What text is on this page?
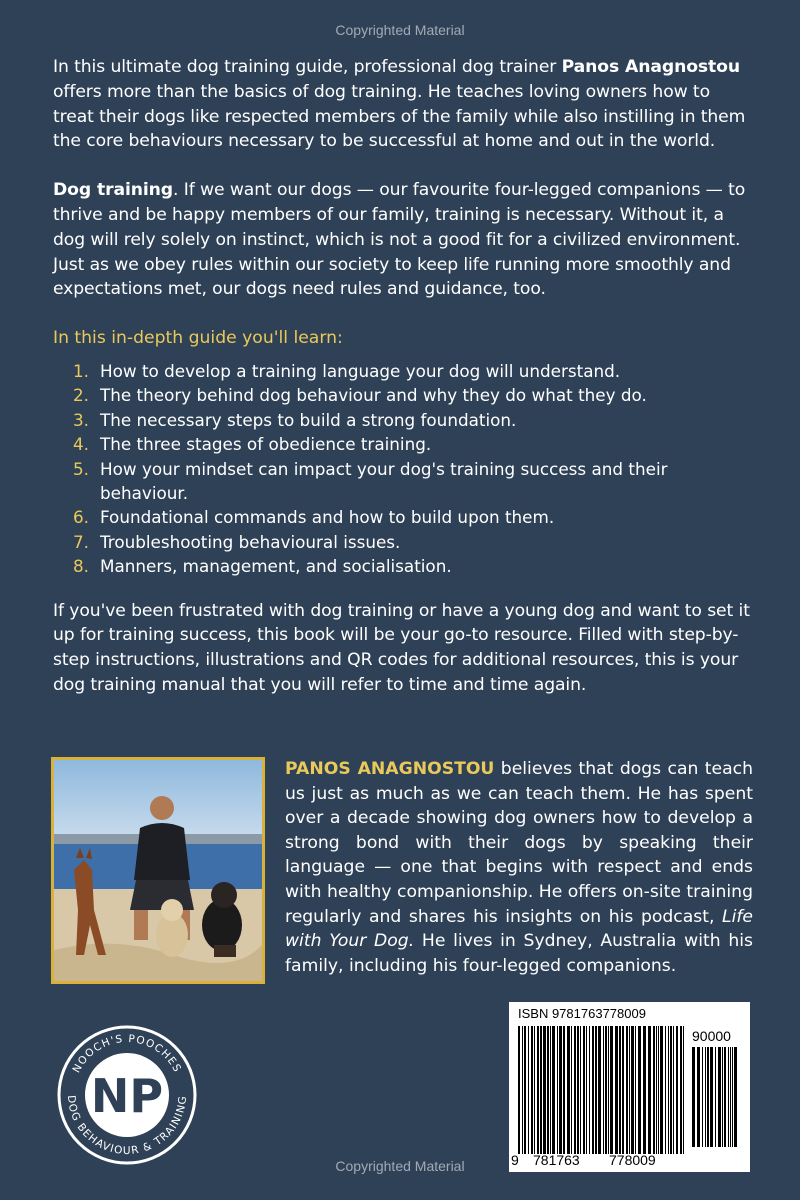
Copyrighted Material

In this ultimate dog training guide, professional dog trainer Panos Anagnostou offers more than the basics of dog training. He teaches loving owners how to treat their dogs like respected members of the family while also instilling in them the core behaviours necessary to be successful at home and out in the world.

Dog training. If we want our dogs — our favourite four-legged companions — to thrive and be happy members of our family, training is necessary. Without it, a dog will rely solely on instinct, which is not a good fit for a civilized environment. Just as we obey rules within our society to keep life running more smoothly and expectations met, our dogs need rules and guidance, too.

In this in-depth guide you'll learn:

1. How to develop a training language your dog will understand.
2. The theory behind dog behaviour and why they do what they do.
3. The necessary steps to build a strong foundation.
4. The three stages of obedience training.
5. How your mindset can impact your dog's training success and their behaviour.
6. Foundational commands and how to build upon them.
7. Troubleshooting behavioural issues.
8. Manners, management, and socialisation.

If you've been frustrated with dog training or have a young dog and want to set it up for training success, this book will be your go-to resource. Filled with step-by-step instructions, illustrations and QR codes for additional resources, this is your dog training manual that you will refer to time and time again.

PANOS ANAGNOSTOU believes that dogs can teach us just as much as we can teach them. He has spent over a decade showing dog owners how to develop a strong bond with their dogs by speaking their language — one that begins with respect and ends with healthy companionship. He offers on-site training regularly and shares his insights on his podcast, Life with Your Dog. He lives in Sydney, Australia with his family, including his four-legged companions.
NOOCH'S POOCHES
DOG BEHAVIOUR & TRAINING
NP
ISBN 9781763778009
90000
9 781763 778009
Copyrighted Material
